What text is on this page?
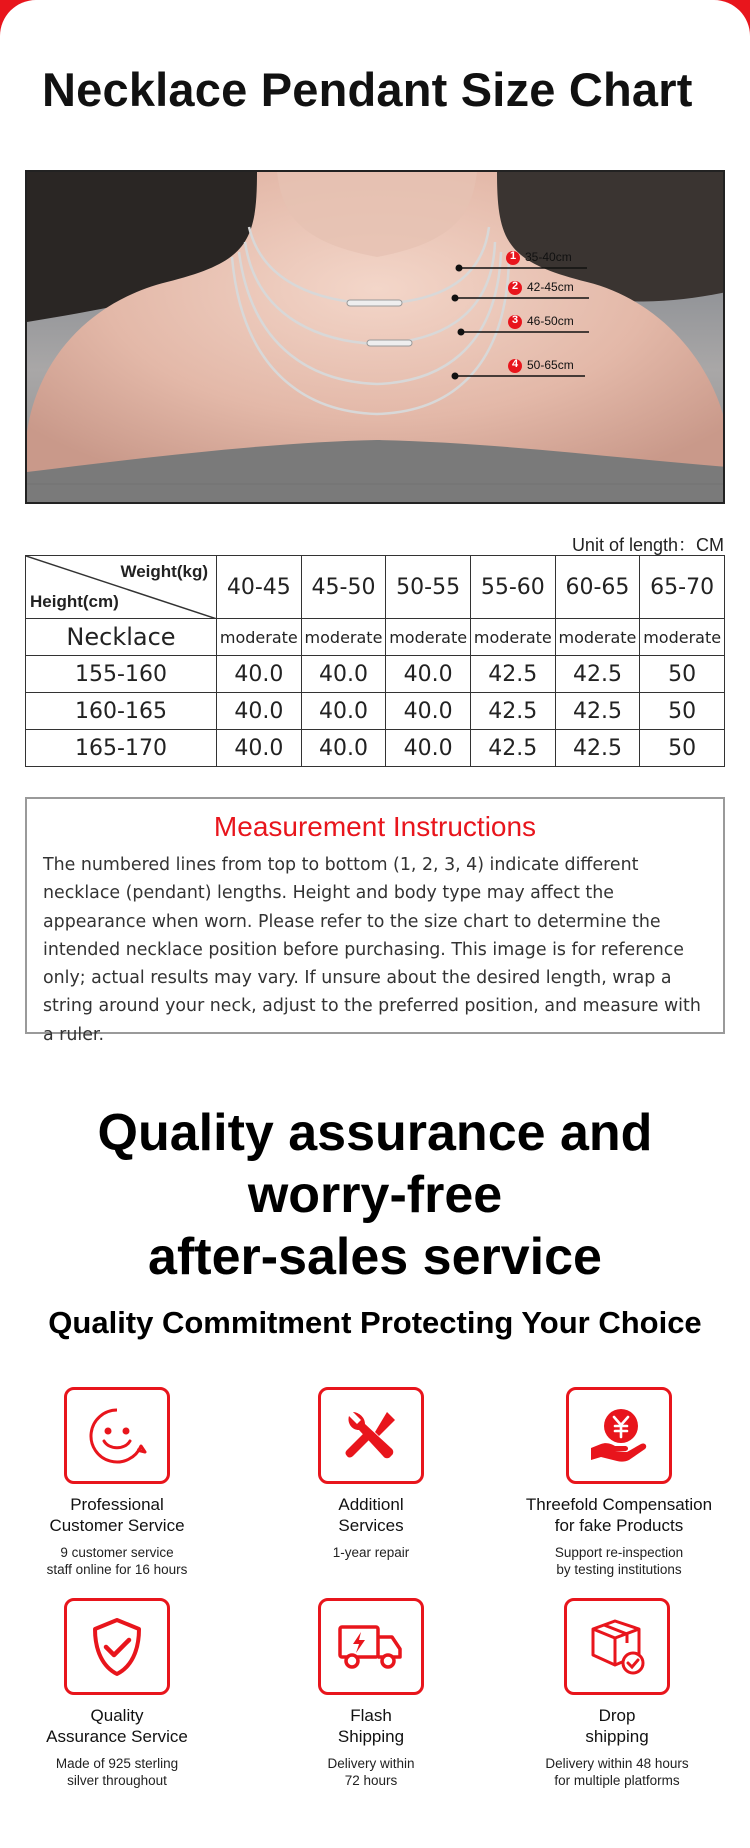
Necklace Pendant Size Chart
1 35-40cm
2 42-45cm
3 46-50cm
4 50-65cm
Unit of length：CM
Weight(kg)
Height(cm)	40-45	45-50	50-55	55-60	60-65	65-70
Necklace	moderate	moderate	moderate	moderate	moderate	moderate
155-160	40.0	40.0	40.0	42.5	42.5	50
160-165	40.0	40.0	40.0	42.5	42.5	50
165-170	40.0	40.0	40.0	42.5	42.5	50
Measurement Instructions

The numbered lines from top to bottom (1, 2, 3, 4) indicate different necklace (pendant) lengths. Height and body type may affect the appearance when worn. Please refer to the size chart to determine the intended necklace position before purchasing. This image is for reference only; actual results may vary. If unsure about the desired length, wrap a string around your neck, adjust to the preferred position, and measure with a ruler.

Quality assurance and
worry-free
after-sales service
Quality Commitment Protecting Your Choice
Professional
Customer Service
9 customer service
staff online for 16 hours
Additionl
Services
1-year repair
Threefold Compensation
for fake Products
Support re-inspection
by testing institutions
Quality
Assurance Service
Made of 925 sterling
silver throughout
Flash
Shipping
Delivery within
72 hours
Drop
shipping
Delivery within 48 hours
for multiple platforms
